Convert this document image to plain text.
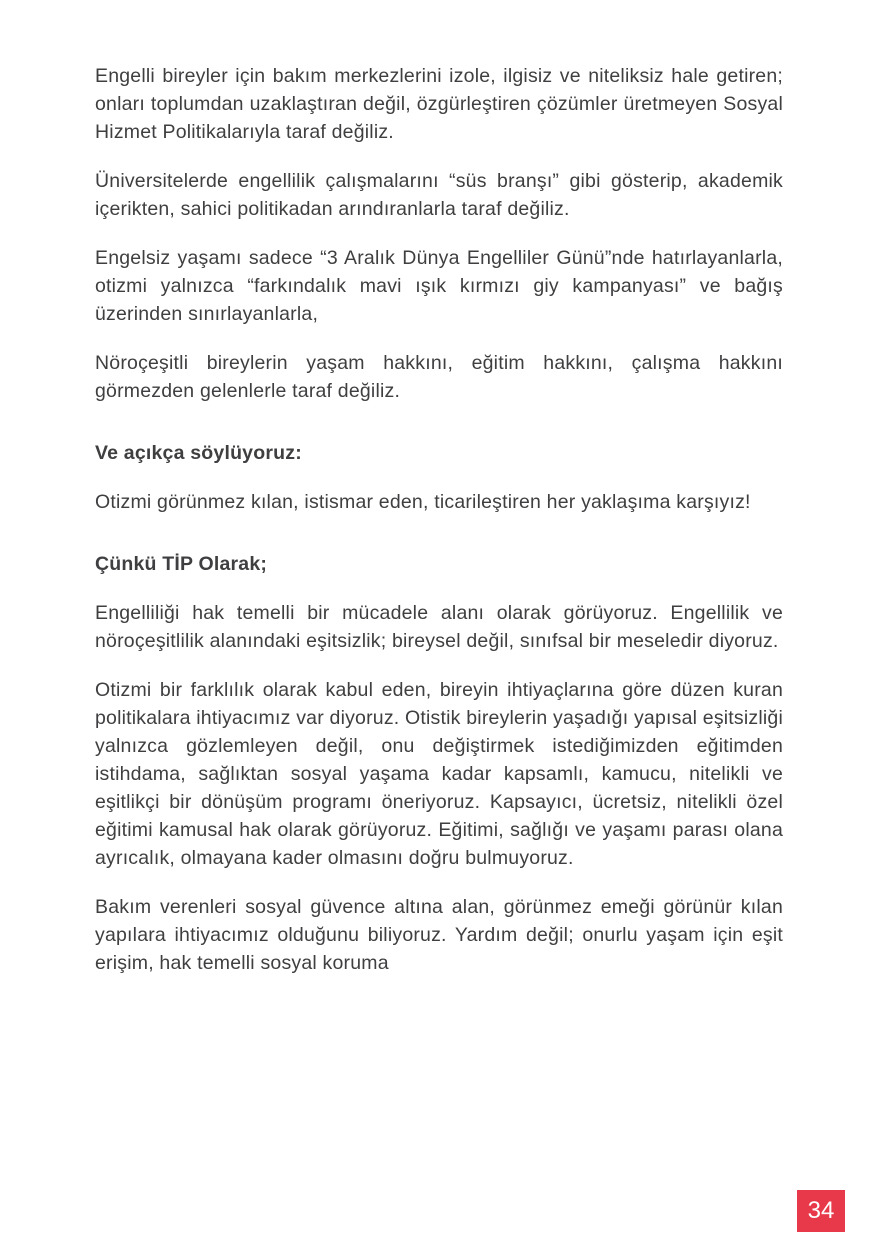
Engelli bireyler için bakım merkezlerini izole, ilgisiz ve niteliksiz hale getiren; onları toplumdan uzaklaştıran değil, özgürleştiren çözümler üretmeyen Sosyal Hizmet Politikalarıyla taraf değiliz.

Üniversitelerde engellilik çalışmalarını “süs branşı” gibi gösterip, akademik içerikten, sahici politikadan arındıranlarla taraf değiliz.

Engelsiz yaşamı sadece “3 Aralık Dünya Engelliler Günü”nde hatırlayanlarla, otizmi yalnızca “farkındalık mavi ışık kırmızı giy kampanyası” ve bağış üzerinden sınırlayanlarla,

Nöroçeşitli bireylerin yaşam hakkını, eğitim hakkını, çalışma hakkını görmezden gelenlerle taraf değiliz.

Ve açıkça söylüyoruz:

Otizmi görünmez kılan, istismar eden, ticarileştiren her yaklaşıma karşıyız!

Çünkü TİP Olarak;

Engelliliği hak temelli bir mücadele alanı olarak görüyoruz. Engellilik ve nöroçeşitlilik alanındaki eşitsizlik; bireysel değil, sınıfsal bir meseledir diyoruz.

Otizmi bir farklılık olarak kabul eden, bireyin ihtiyaçlarına göre düzen kuran politikalara ihtiyacımız var diyoruz. Otistik bireylerin yaşadığı yapısal eşitsizliği yalnızca gözlemleyen değil, onu değiştirmek istediğimizden eğitimden istihdama, sağlıktan sosyal yaşama kadar kapsamlı, kamucu, nitelikli ve eşitlikçi bir dönüşüm programı öneriyoruz. Kapsayıcı, ücretsiz, nitelikli özel eğitimi kamusal hak olarak görüyoruz. Eğitimi, sağlığı ve yaşamı parası olana ayrıcalık, olmayana kader olmasını doğru bulmuyoruz.

Bakım verenleri sosyal güvence altına alan, görünmez emeği görünür kılan yapılara ihtiyacımız olduğunu biliyoruz. Yardım değil; onurlu yaşam için eşit erişim, hak temelli sosyal koruma

34
